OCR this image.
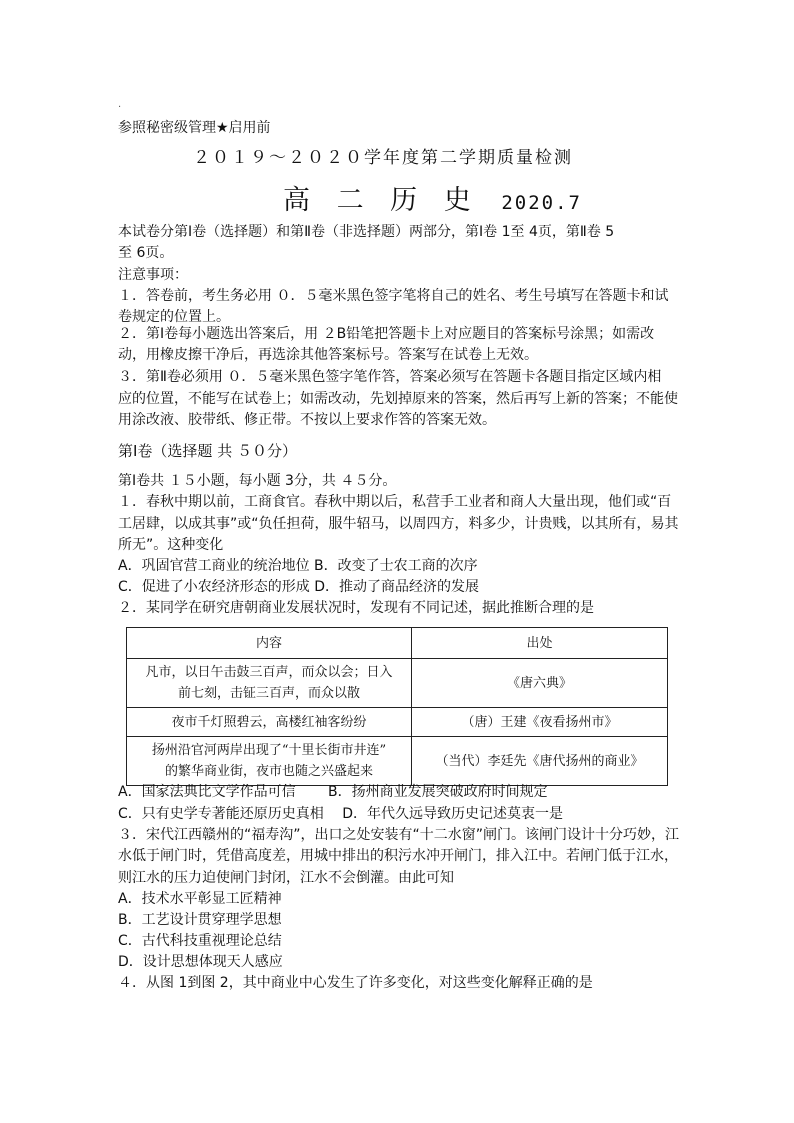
.
参照秘密级管理★启用前
２０１９～２０２０学年度第二学期质量检测
高 二 历 史 2020.7
本试卷分第Ⅰ卷（选择题）和第Ⅱ卷（非选择题）两部分，第Ⅰ卷 1至 4页，第Ⅱ卷 5
至 6页。
注意事项：
１．答卷前，考生务必用 ０．５毫米黑色签字笔将自己的姓名、考生号填写在答题卡和试
卷规定的位置上。
２．第Ⅰ卷每小题选出答案后，用 ２B铅笔把答题卡上对应题目的答案标号涂黑；如需改
动，用橡皮擦干净后，再选涂其他答案标号。答案写在试卷上无效。
３．第Ⅱ卷必须用 ０．５毫米黑色签字笔作答，答案必须写在答题卡各题目指定区域内相
应的位置，不能写在试卷上；如需改动，先划掉原来的答案，然后再写上新的答案；不能使
用涂改液、胶带纸、修正带。不按以上要求作答的答案无效。
第Ⅰ卷（选择题 共 ５０分）
第Ⅰ卷共 １５小题，每小题 3分，共 ４５分。
１．春秋中期以前，工商食官。春秋中期以后，私营手工业者和商人大量出现，他们或“百
工居肆，以成其事”或“负任担荷，服牛轺马，以周四方，料多少，计贵贱，以其所有，易其
所无”。这种变化
A．巩固官营工商业的统治地位 B．改变了士农工商的次序
C．促进了小农经济形态的形成 D．推动了商品经济的发展
２．某同学在研究唐朝商业发展状况时，发现有不同记述，据此推断合理的是
内容	出处

凡市，以日午击鼓三百声，而众以会；日入
前七刻，击钲三百声，而众以散	《唐六典》
夜市千灯照碧云，高楼红袖客纷纷	（唐）王建《夜看扬州市》

扬州沿官河两岸出现了“十里长街市井连”
的繁华商业街，夜市也随之兴盛起来	（当代）李廷先《唐代扬州的商业》
A．国家法典比文学作品可信　　 B．扬州商业发展突破政府时间规定
C．只有史学专著能还原历史真相　 D．年代久远导致历史记述莫衷一是
３．宋代江西赣州的“福寿沟”，出口之处安装有“十二水窗”闸门。该闸门设计十分巧妙，江
水低于闸门时，凭借高度差，用城中排出的积污水冲开闸门，排入江中。若闸门低于江水，
则江水的压力迫使闸门封闭，江水不会倒灌。由此可知
A．技术水平彰显工匠精神
B．工艺设计贯穿理学思想
C．古代科技重视理论总结
D．设计思想体现天人感应
４．从图 1到图 2，其中商业中心发生了许多变化，对这些变化解释正确的是
